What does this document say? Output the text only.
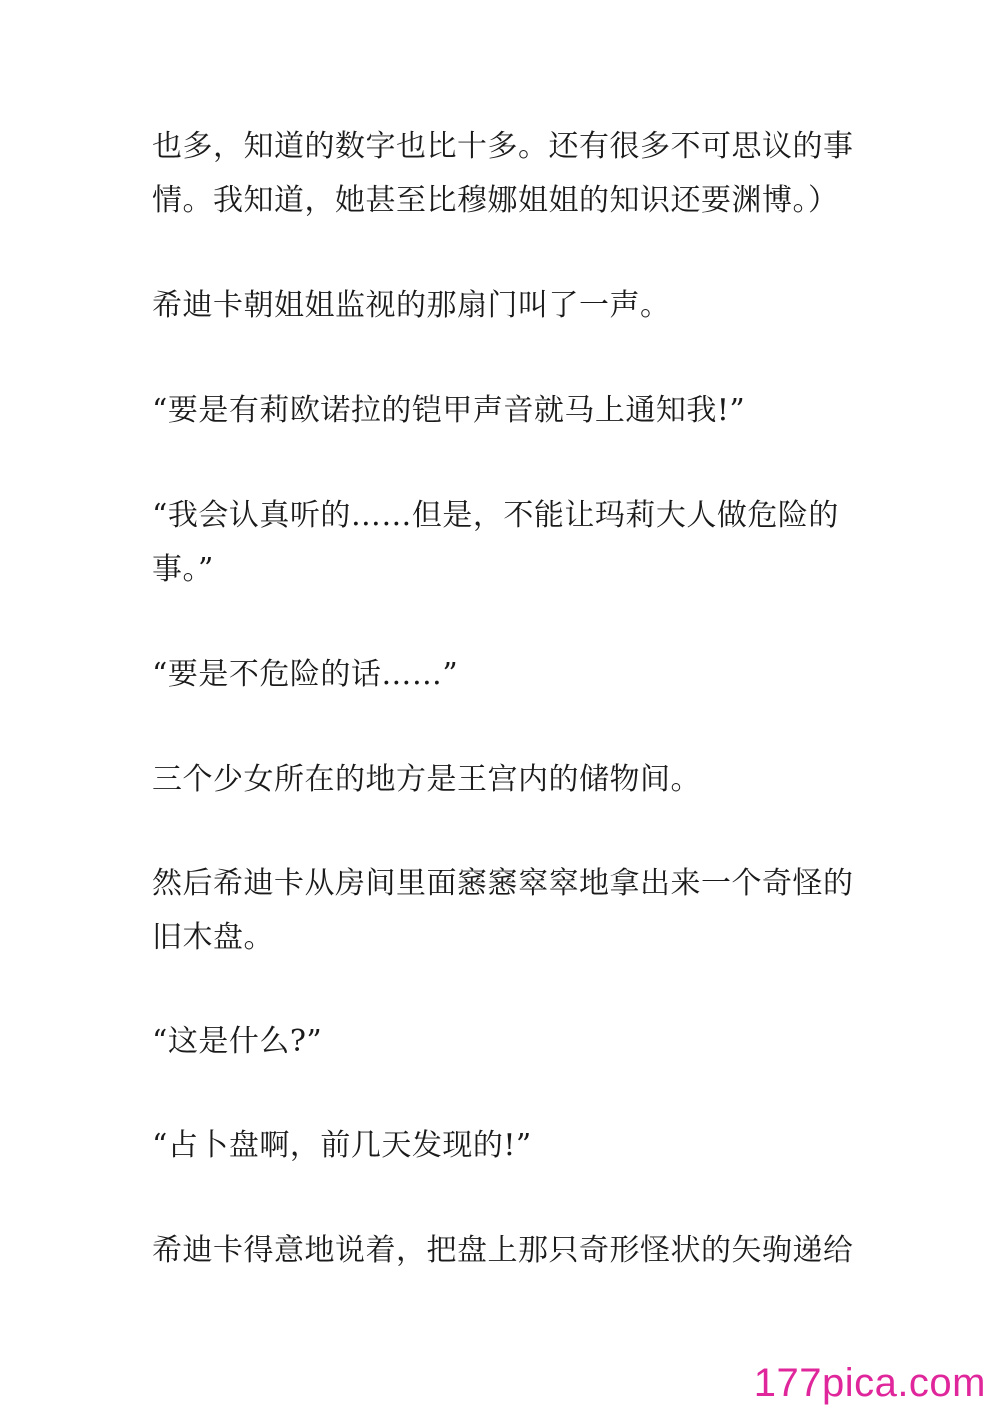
也多，知道的数字也比十多。还有很多不可思议的事

情。我知道，她甚至比穆娜姐姐的知识还要渊博。）

希迪卡朝姐姐监视的那扇门叫了一声。

“要是有莉欧诺拉的铠甲声音就马上通知我!”

“我会认真听的……但是，不能让玛莉大人做危险的

事。”

“要是不危险的话……”

三个少女所在的地方是王宫内的储物间。

然后希迪卡从房间里面窸窸窣窣地拿出来一个奇怪的

旧木盘。

“这是什么?”

“占卜盘啊，前几天发现的!”

希迪卡得意地说着，把盘上那只奇形怪状的矢驹递给

177pica.com
